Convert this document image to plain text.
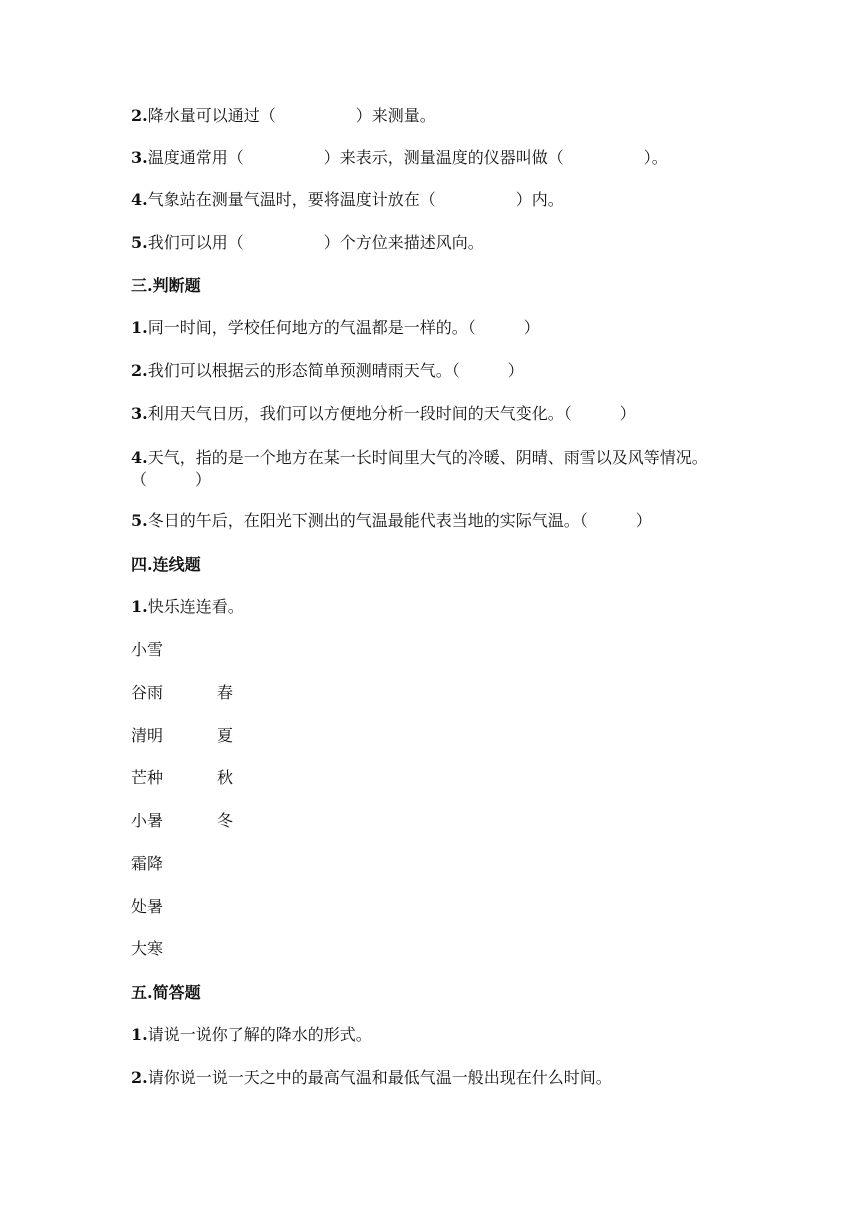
2.降水量可以通过（　　　　　）来测量。
3.温度通常用（　　　　　）来表示，测量温度的仪器叫做（　　　　　）。
4.气象站在测量气温时，要将温度计放在（　　　　　）内。
5.我们可以用（　　　　　）个方位来描述风向。
三.判断题
1.同一时间，学校任何地方的气温都是一样的。（　　　）
2.我们可以根据云的形态简单预测晴雨天气。（　　　）
3.利用天气日历，我们可以方便地分析一段时间的天气变化。（　　　）
4.天气，指的是一个地方在某一长时间里大气的冷暖、阴晴、雨雪以及风等情况。（　　　）
5.冬日的午后，在阳光下测出的气温最能代表当地的实际气温。（　　　）
四.连线题
1.快乐连连看。
小雪
谷雨
清明
芒种
小暑
霜降
处暑
大寒
春
夏
秋
冬
五.简答题
1.请说一说你了解的降水的形式。
2.请你说一说一天之中的最高气温和最低气温一般出现在什么时间。
